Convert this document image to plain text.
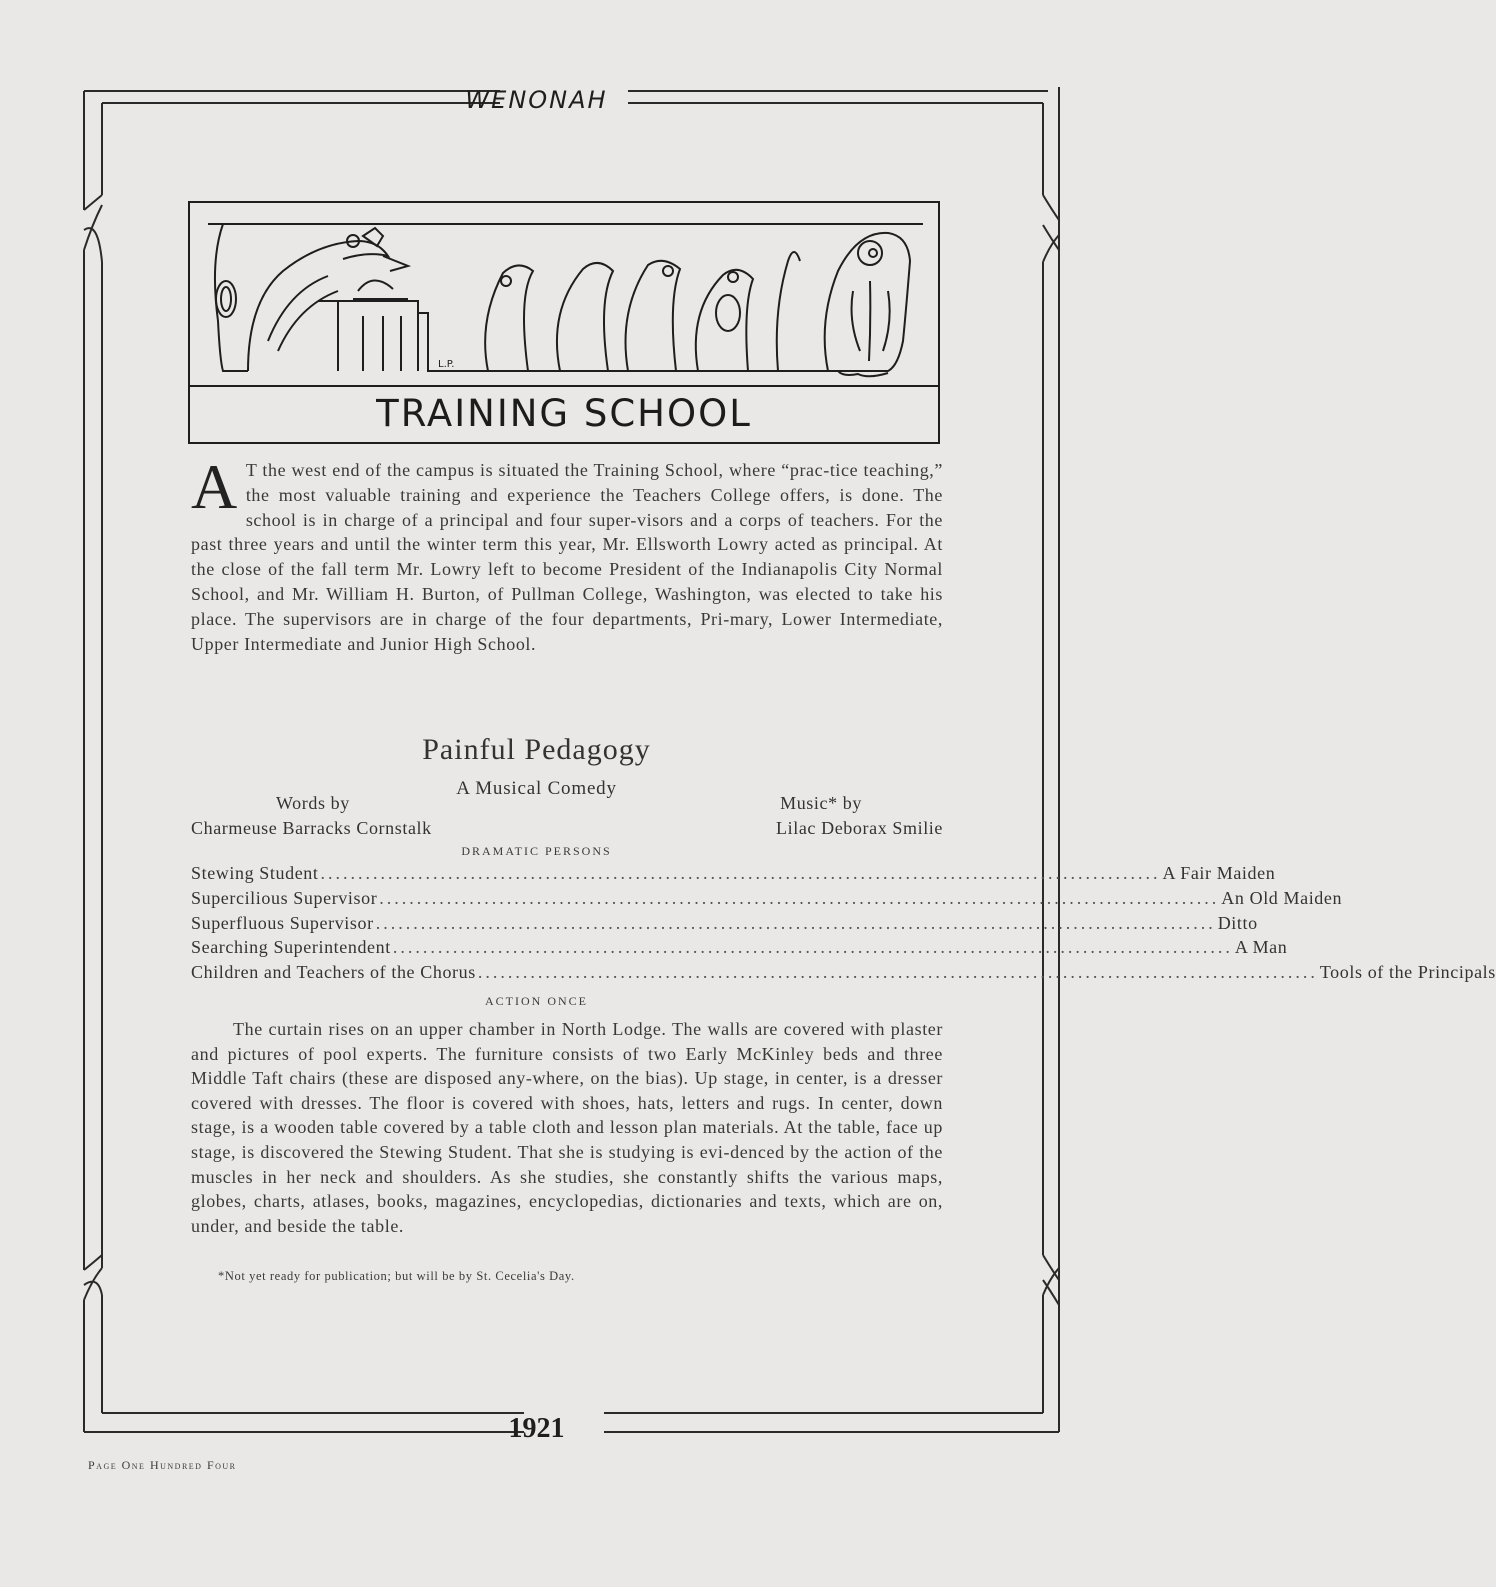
WENONAH
L.P.
TRAINING SCHOOL
A T the west end of the campus is situated the Training School, where “prac-tice teaching,” the most valuable training and experience the Teachers College offers, is done. The school is in charge of a principal and four super-visors and a corps of teachers. For the past three years and until the winter term this year, Mr. Ellsworth Lowry acted as principal. At the close of the fall term Mr. Lowry left to become President of the Indianapolis City Normal School, and Mr. William H. Burton, of Pullman College, Washington, was elected to take his place. The supervisors are in charge of the four departments, Pri-mary, Lower Intermediate, Upper Intermediate and Junior High School.
Painful Pedagogy
A Musical Comedy
Words by
Charmeuse Barracks Cornstalk
Music* by
Lilac Deborax Smilie
DRAMATIC PERSONS
Stewing Student ................................................................................................................ A Fair Maiden
Supercilious Supervisor ................................................................................................................ An Old Maiden
Superfluous Supervisor ................................................................................................................ Ditto
Searching Superintendent ................................................................................................................ A Man
Children and Teachers of the Chorus ................................................................................................................ Tools of the Principals
ACTION ONCE
The curtain rises on an upper chamber in North Lodge. The walls are covered with plaster and pictures of pool experts. The furniture consists of two Early McKinley beds and three Middle Taft chairs (these are disposed any-where, on the bias). Up stage, in center, is a dresser covered with dresses. The floor is covered with shoes, hats, letters and rugs. In center, down stage, is a wooden table covered by a table cloth and lesson plan materials. At the table, face up stage, is discovered the Stewing Student. That she is studying is evi-denced by the action of the muscles in her neck and shoulders. As she studies, she constantly shifts the various maps, globes, charts, atlases, books, magazines, encyclopedias, dictionaries and texts, which are on, under, and beside the table.
*Not yet ready for publication; but will be by St. Cecelia's Day.
1921
Page One Hundred Four
